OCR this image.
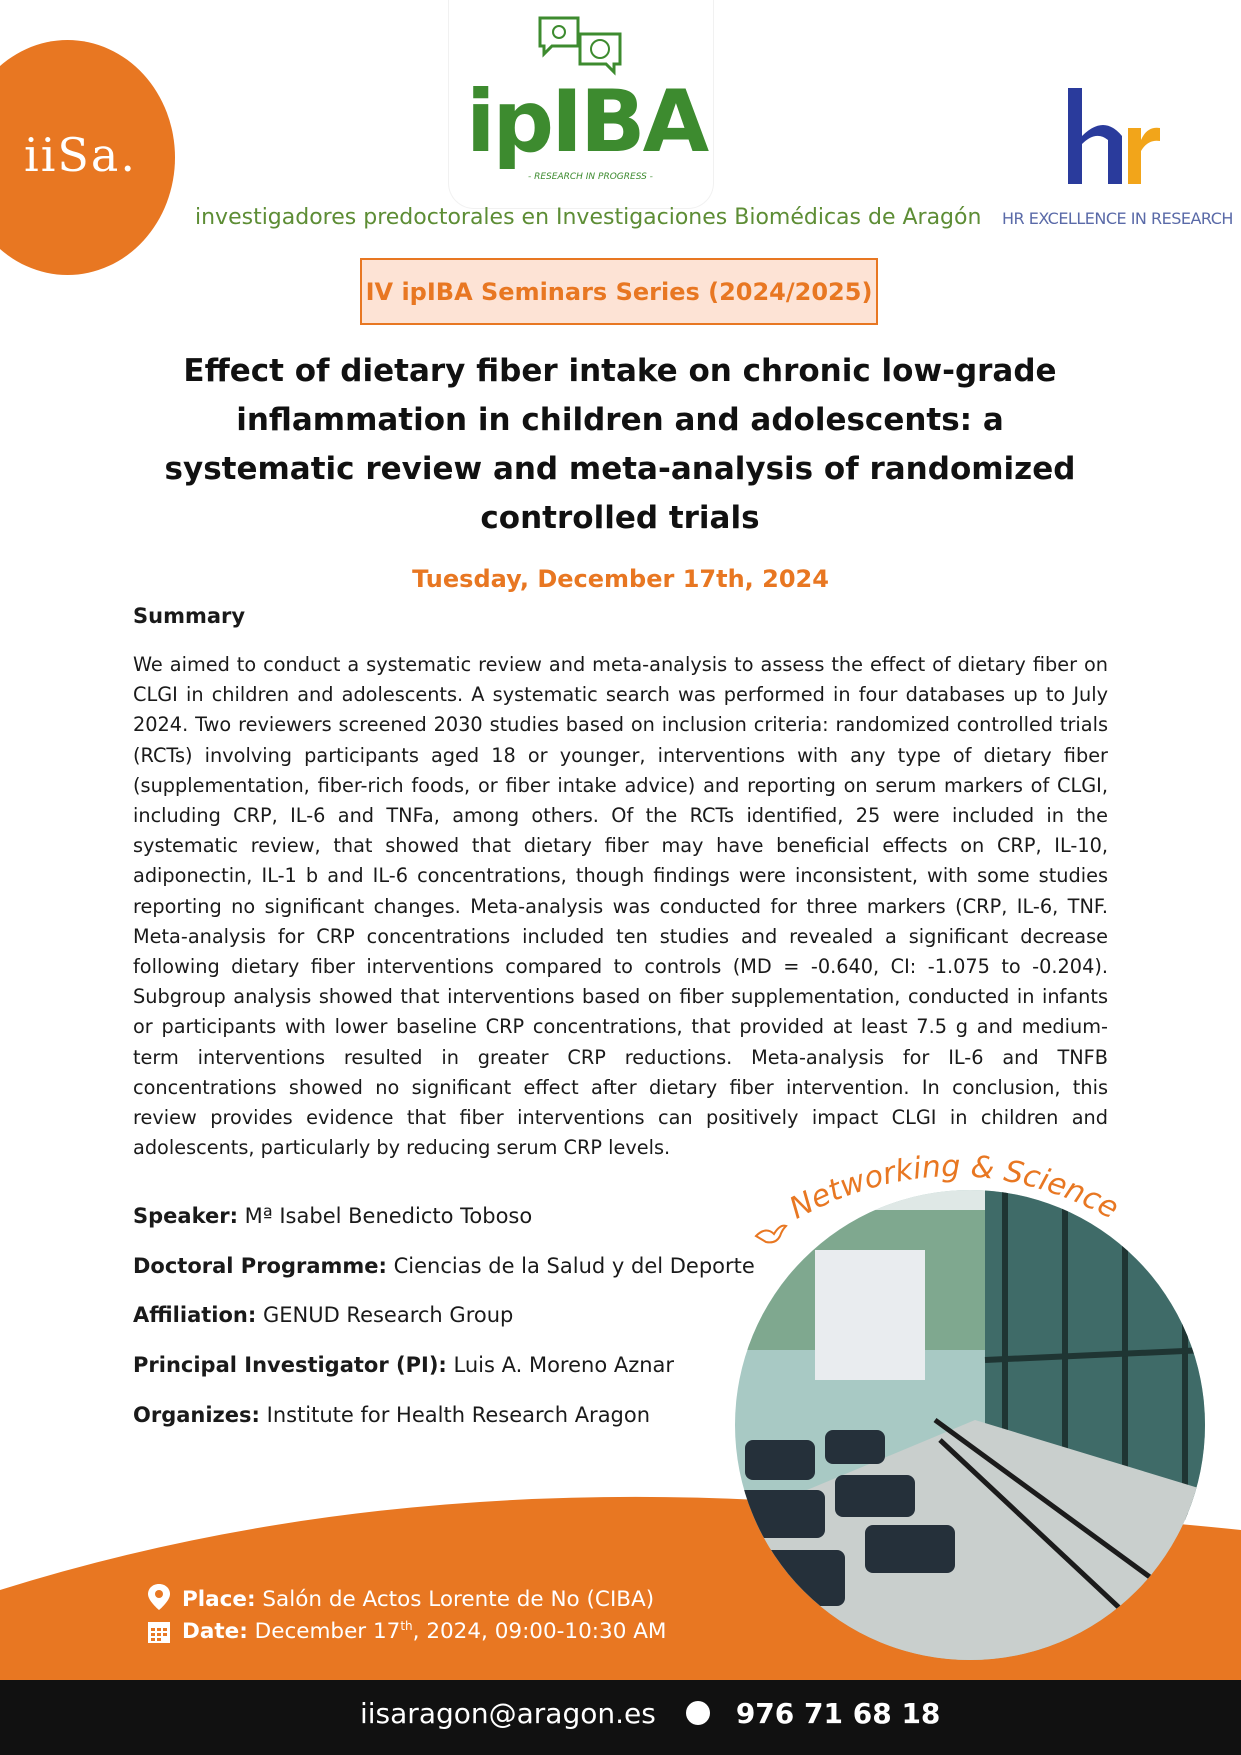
iiSa.	ipIBA
- RESEARCH IN PROGRESS -
investigadores predoctorales en Investigaciones Biomédicas de Aragón HR EXCELLENCE IN RESEARCH
IV ipIBA Seminars Series (2024/2025)
Effect of dietary fiber intake on chronic low-grade inflammation in children and adolescents: a systematic review and meta-analysis of randomized controlled trials
Tuesday, December 17th, 2024
Summary
We aimed to conduct a systematic review and meta-analysis to assess the effect of dietary fiber on CLGI in children and adolescents. A systematic search was performed in four databases up to July 2024. Two reviewers screened 2030 studies based on inclusion criteria: randomized controlled trials (RCTs) involving participants aged 18 or younger, interventions with any type of dietary fiber (supplementation, fiber-rich foods, or fiber intake advice) and reporting on serum markers of CLGI, including CRP, IL-6 and TNFa, among others. Of the RCTs identified, 25 were included in the systematic review, that showed that dietary fiber may have beneficial effects on CRP, IL-10, adiponectin, IL-1 b and IL-6 concentrations, though findings were inconsistent, with some studies reporting no significant changes. Meta-analysis was conducted for three markers (CRP, IL-6, TNF. Meta-analysis for CRP concentrations included ten studies and revealed a significant decrease following dietary fiber interventions compared to controls (MD = -0.640, CI: -1.075 to -0.204). Subgroup analysis showed that interventions based on fiber supplementation, conducted in infants or participants with lower baseline CRP concentrations, that provided at least 7.5 g and medium-term interventions resulted in greater CRP reductions. Meta-analysis for IL-6 and TNFB concentrations showed no significant effect after dietary fiber intervention. In conclusion, this review provides evidence that fiber interventions can positively impact CLGI in children and adolescents, particularly by reducing serum CRP levels.
Speaker: Mª Isabel Benedicto Toboso
Doctoral Programme: Ciencias de la Salud y del Deporte
Affiliation: GENUD Research Group
Principal Investigator (PI): Luis A. Moreno Aznar
Organizes: Institute for Health Research Aragon
Networking & Science
Place: Salón de Actos Lorente de No (CIBA)
Date: December 17th, 2024, 09:00-10:30 AM
iisaragon@aragon.es	976 71 68 18
